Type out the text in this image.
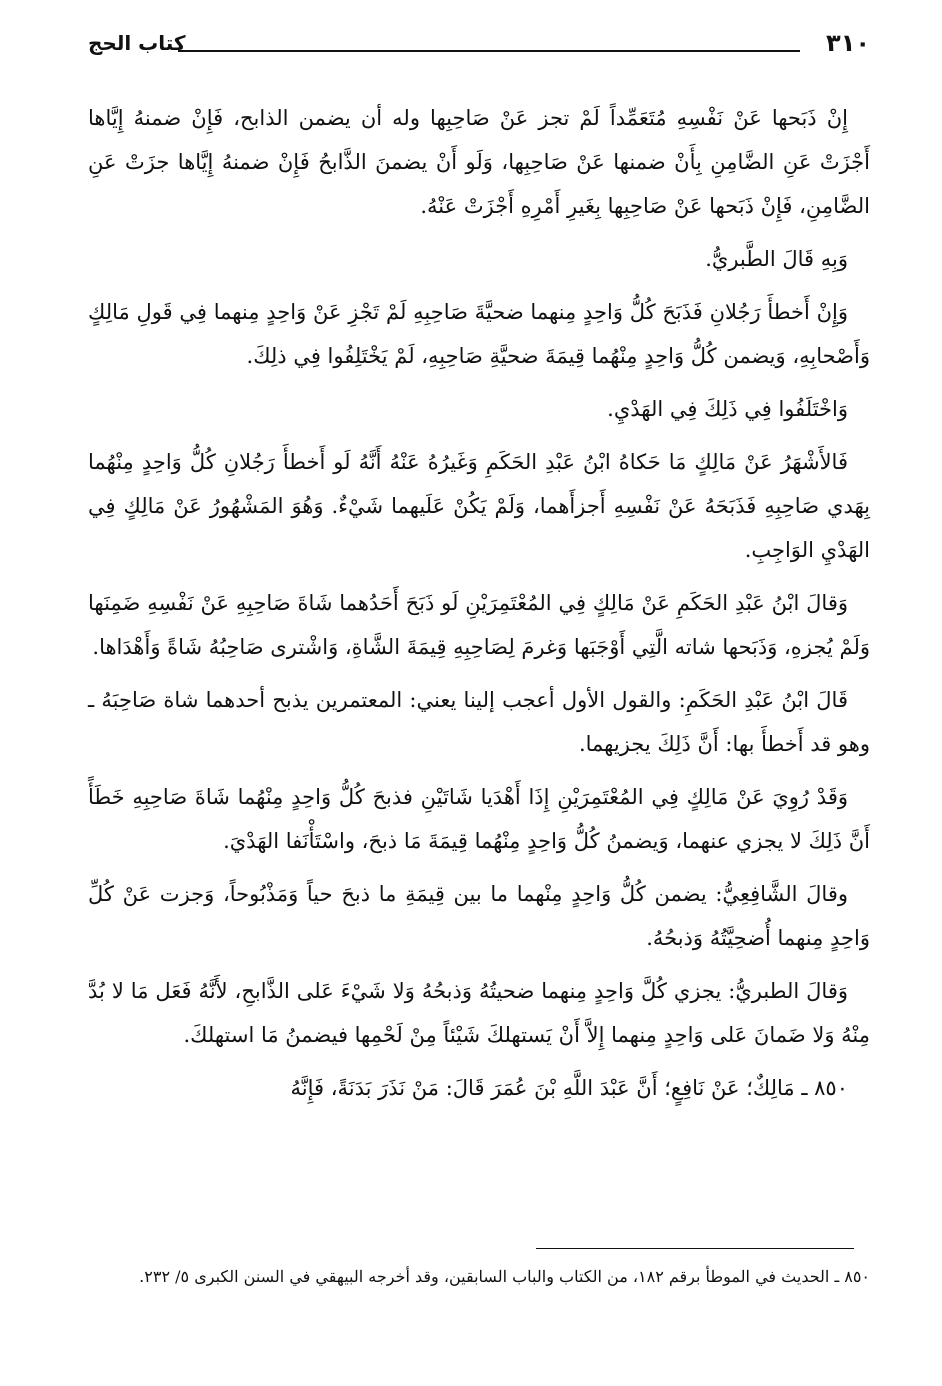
٣١٠
كتاب الحج

إِنْ ذَبَحها عَنْ نَفْسِهِ مُتَعَمِّداً لَمْ تجز عَنْ صَاحِبِها وله أن يضمن الذابح، فَإِنْ ضمنهُ إِيَّاها أَجْزَتْ عَنِ الضَّامِنِ بِأَنْ ضمنها عَنْ صَاحِبِها، وَلَو أَنْ يضمنَ الذَّابحُ فَإِنْ ضمنهُ إِيَّاها جزَتْ عَنِ الضَّامِنِ، فَإِنْ ذَبَحها عَنْ صَاحِبِها بِغَيرِ أَمْرِهِ أَجْزَتْ عَنْهُ.

وَبِهِ قَالَ الطَّبريُّ.

وَإِنْ أَخطأَ رَجُلانِ فَذَبَحَ كُلُّ وَاحِدٍ مِنهما ضحيَّةَ صَاحِبِهِ لَمْ تَجْزِ عَنْ وَاحِدٍ مِنهما فِي قَولِ مَالِكٍ وَأَصْحابِهِ، وَيضمن كُلُّ وَاحِدٍ مِنْهُما قِيمَةَ ضحيَّةِ صَاحِبِهِ، لَمْ يَخْتَلِفُوا فِي ذلِكَ.

وَاخْتَلَفُوا فِي ذَلِكَ فِي الهَدْيِ.

فَالأَشْهَرُ عَنْ مَالِكٍ مَا حَكاهُ ابْنُ عَبْدِ الحَكَمِ وَغَيرُهُ عَنْهُ أَنَّهُ لَو أَخطأَ رَجُلانِ كُلُّ وَاحِدٍ مِنْهُما بِهَدي صَاحِبِهِ فَذَبَحَهُ عَنْ نَفْسِهِ أَجزأَهما، وَلَمْ يَكُنْ عَلَيهما شَيْءٌ. وَهُوَ المَشْهُورُ عَنْ مَالِكٍ فِي الهَدْيِ الوَاجِبِ.

وَقالَ ابْنُ عَبْدِ الحَكَمِ عَنْ مَالِكٍ فِي المُعْتَمِرَيْنِ لَو ذَبَحَ أَحَدُهما شَاةَ صَاحِبِهِ عَنْ نَفْسِهِ ضَمِنَها وَلَمْ يُجزهِ، وَذَبَحها شاته الَّتِي أَوْجَبَها وَغرمَ لِصَاحِبِهِ قِيمَةَ الشَّاةِ، وَاشْترى صَاحِبُهُ شَاةً وَأَهْدَاها.

قَالَ ابْنُ عَبْدِ الحَكَمِ: والقول الأول أعجب إلينا يعني: المعتمرين يذبح أحدهما شاة صَاحِبَهُ ـ وهو قد أَخطأَ بها: أَنَّ ذَلِكَ يجزيهما.

وَقَدْ رُوِيَ عَنْ مَالِكٍ فِي المُعْتَمِرَيْنِ إِذَا أَهْدَيا شَاتَيْنِ فذبحَ كُلُّ وَاحِدٍ مِنْهُما شَاةَ صَاحِبِهِ خَطَأً أَنَّ ذَلِكَ لا يجزي عنهما، وَيضمنُ كُلُّ وَاحِدٍ مِنْهُما قِيمَةَ مَا ذبحَ، واسْتَأْنَفا الهَدْيَ.

وقالَ الشَّافِعِيُّ: يضمن كُلُّ وَاحِدٍ مِنْهما ما بين قِيمَةِ ما ذبحَ حياً وَمَذْبُوحاً، وَجزت عَنْ كُلِّ وَاحِدٍ مِنهما أُضحِيَّتُهُ وَذبحُهُ.

وَقالَ الطبريُّ: يجزي كُلَّ وَاحِدٍ مِنهما ضحيتُهُ وَذبحُهُ وَلا شَيْءَ عَلى الذَّابحِ، لأَنَّهُ فَعَل مَا لا بُدَّ مِنْهُ وَلا ضَمانَ عَلى وَاحِدٍ مِنهما إِلاَّ أَنْ يَستهلكَ شَيْئاً مِنْ لَحْمِها فيضمنُ مَا استهلكَ.

٨٥٠ ـ مَالِكٌ؛ عَنْ نَافِعٍ؛ أَنَّ عَبْدَ اللَّهِ بْنَ عُمَرَ قَالَ: مَنْ نَذَرَ بَدَنَةً، فَإِنَّهُ

٨٥٠ ـ الحديث في الموطأ برقم ١٨٢، من الكتاب والباب السابقين، وقد أخرجه البيهقي في السنن الكبرى ٥/ ٢٣٢.
